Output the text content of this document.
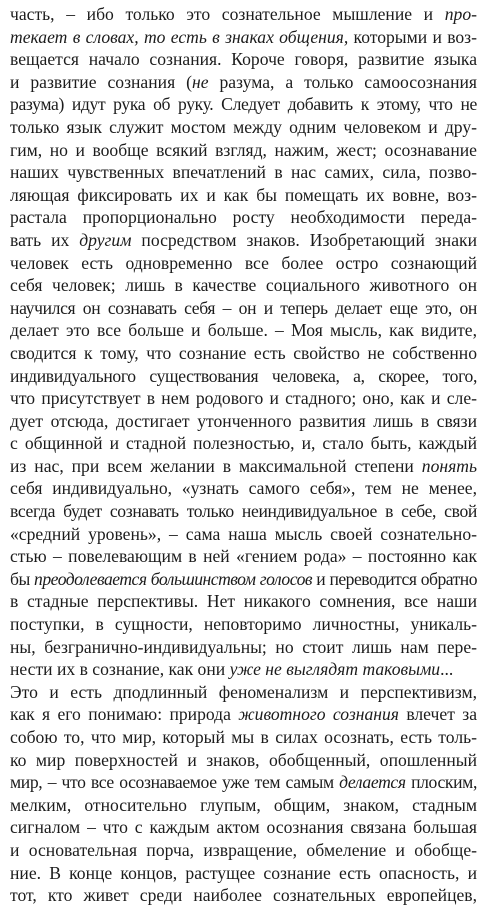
часть, – ибо только это сознательное мышление и про-
текает в словах, то есть в знаках общения, которыми и воз-
вещается начало сознания. Короче говоря, развитие языка
и развитие сознания (не разума, а только самоосознания
разума) идут рука об руку. Следует добавить к этому, что не
только язык служит мостом между одним человеком и дру-
гим, но и вообще всякий взгляд, нажим, жест; осознавание
наших чувственных впечатлений в нас самих, сила, позво-
ляющая фиксировать их и как бы помещать их вовне, воз-
растала пропорционально росту необходимости переда-
вать их другим посредством знаков. Изобретающий знаки
человек есть одновременно все более остро сознающий
себя человек; лишь в качестве социального животного он
научился он сознавать себя – он и теперь делает еще это, он
делает это все больше и больше. – Моя мысль, как видите,
сводится к тому, что сознание есть свойство не собственно
индивидуального существования человека, а, скорее, того,
что присутствует в нем родового и стадного; оно, как и сле-
дует отсюда, достигает утонченного развития лишь в связи
с общинной и стадной полезностью, и, стало быть, каждый
из нас, при всем желании в максимальной степени понять
себя индивидуально, «узнать самого себя», тем не менее,
всегда будет сознавать только неиндивидуальное в себе, свой
«средний уровень», – сама наша мысль своей сознательно-
стью – повелевающим в ней «гением рода» – постоянно как
бы преодолевается большинством голосов и переводится обратно
в стадные перспективы. Нет никакого сомнения, все наши
поступки, в сущности, неповторимо личностны, уникаль-
ны, безгранично-индивидуальны; но стоит лишь нам пере-
нести их в сознание, как они уже не выглядят таковыми...
Это и есть дподлинный феноменализм и перспективизм,
как я его понимаю: природа животного сознания влечет за
собою то, что мир, который мы в силах осознать, есть толь-
ко мир поверхностей и знаков, обобщенный, опошленный
мир, – что все осознаваемое уже тем самым делается плоским,
мелким, относительно глупым, общим, знаком, стадным
сигналом – что с каждым актом осознания связана большая
и основательная порча, извращение, обмеление и обобще-
ние. В конце концов, растущее сознание есть опасность, и
тот, кто живет среди наиболее сознательных европейцев,
